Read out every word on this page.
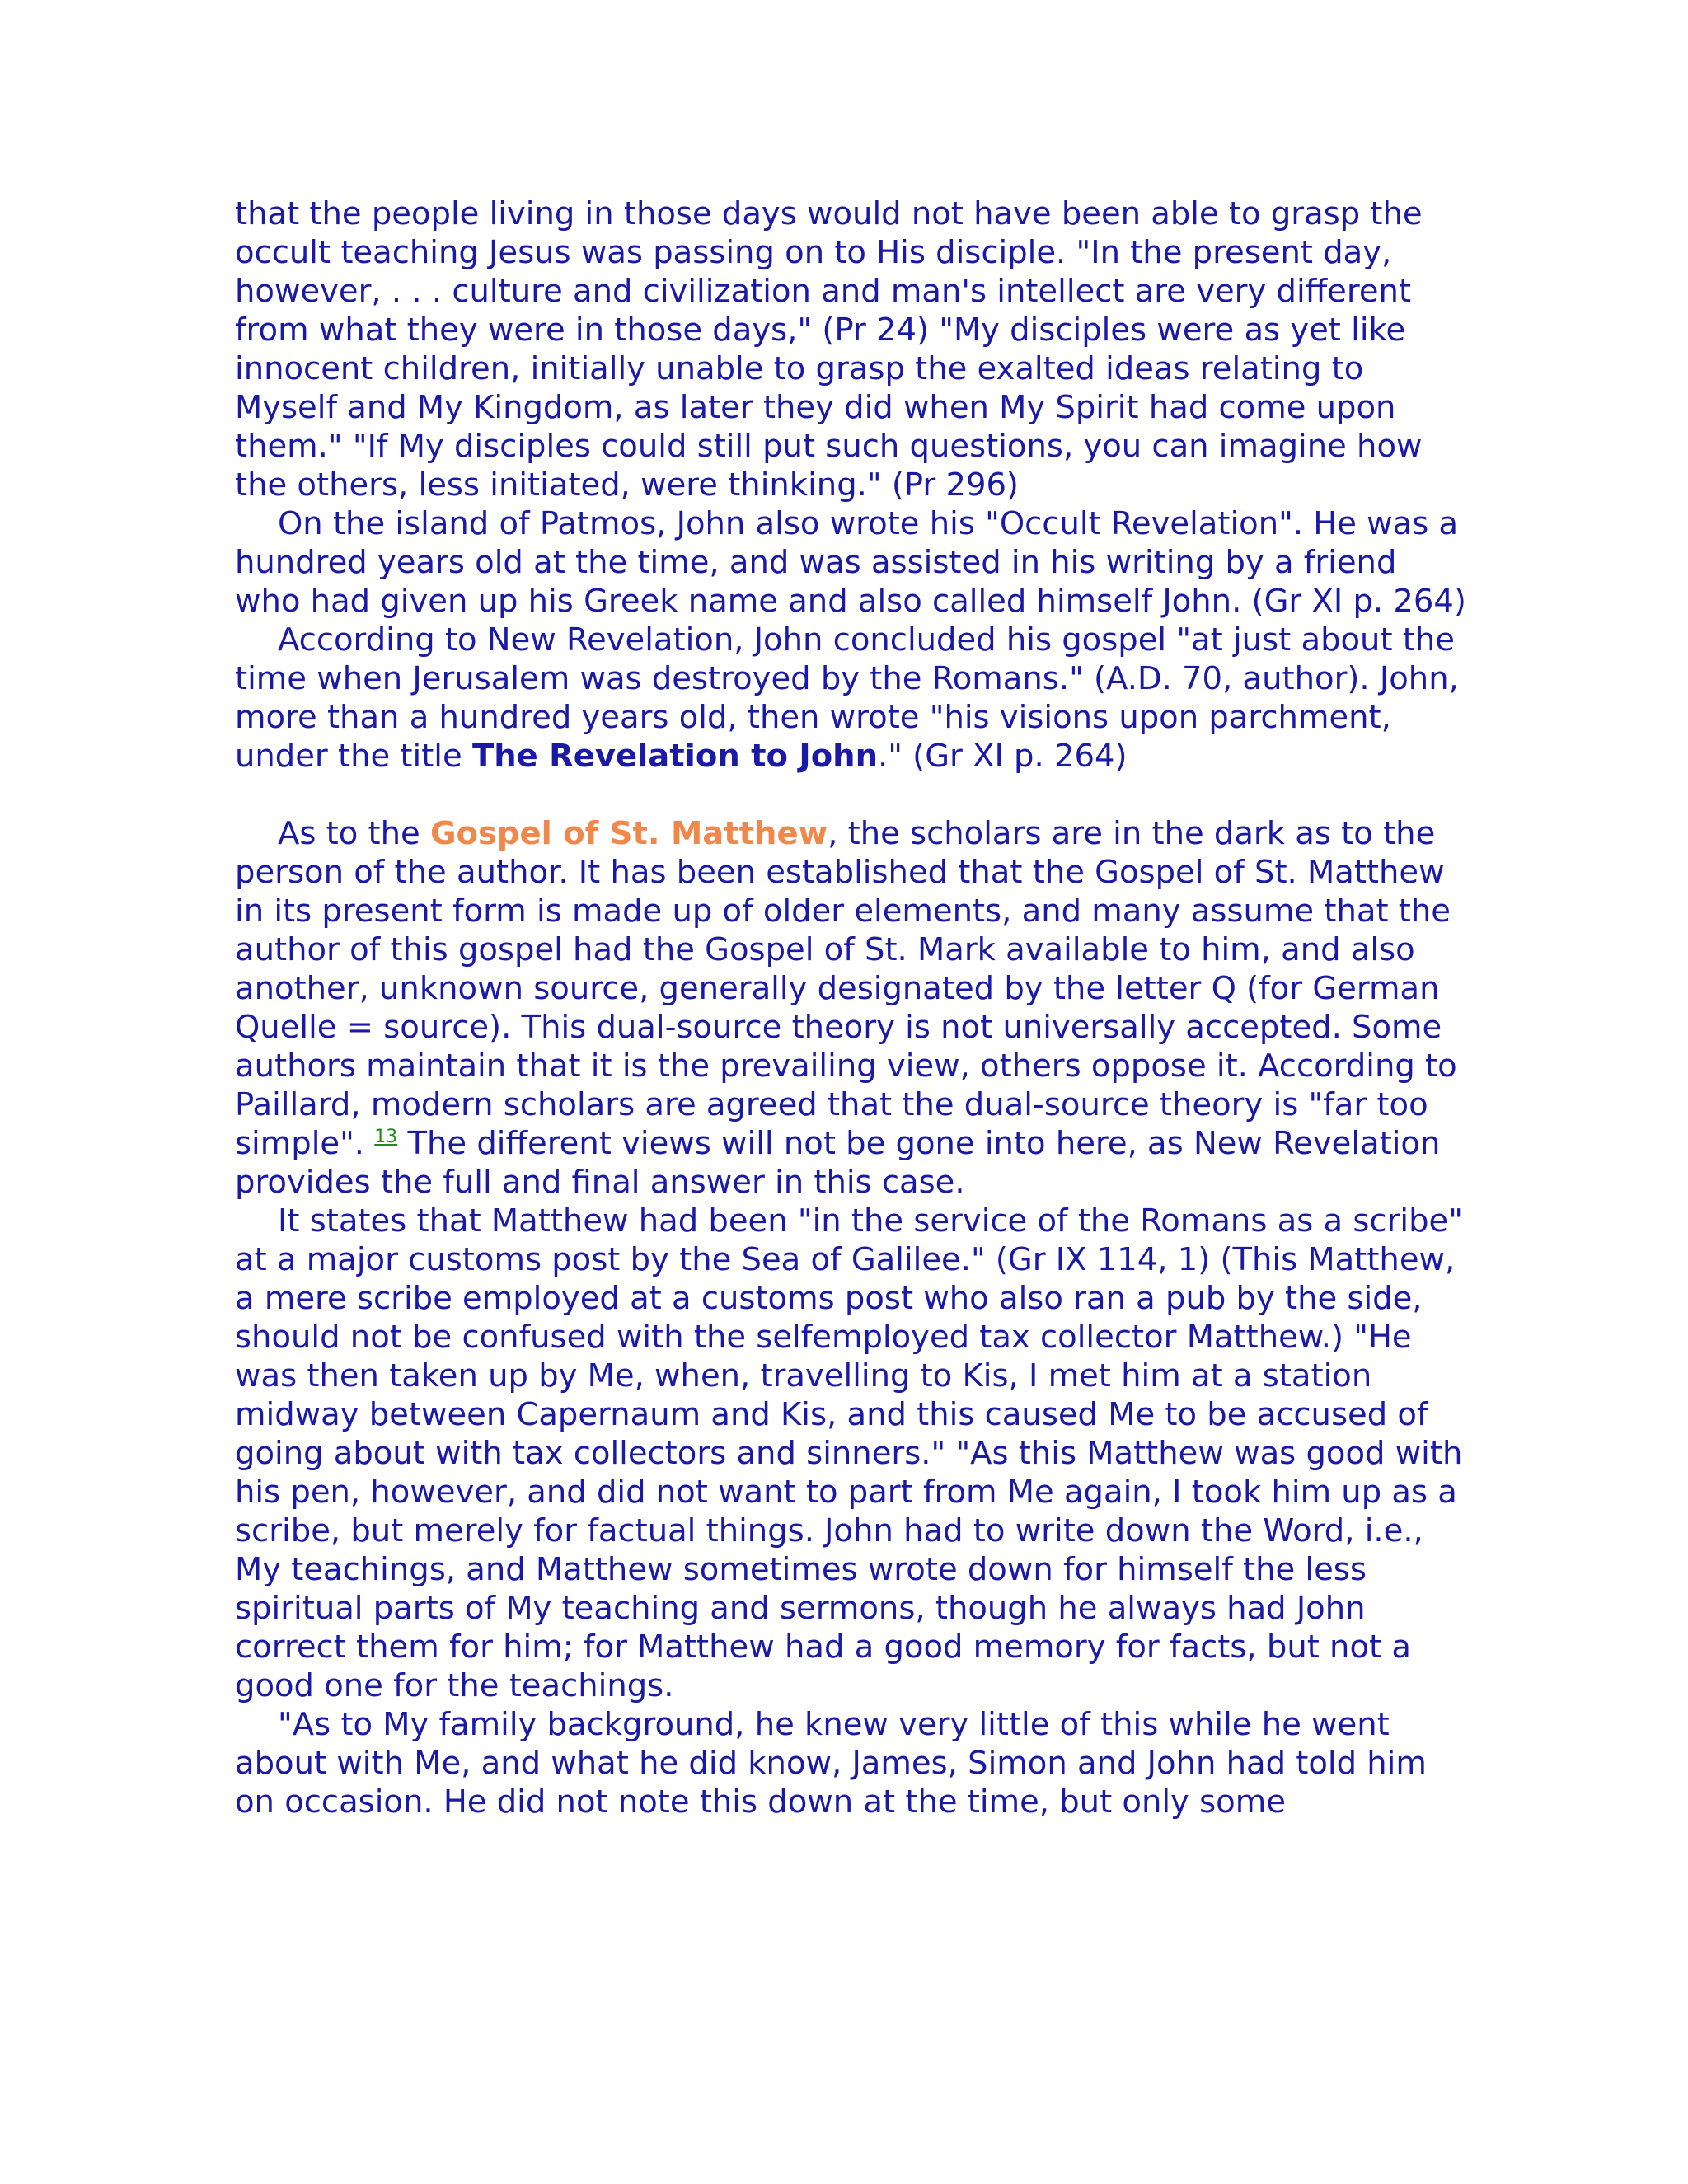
that the people living in those days would not have been able to grasp the occult teaching Jesus was passing on to His disciple. "In the present day, however, . . . culture and civilization and man's intellect are very different from what they were in those days," (Pr 24) "My disciples were as yet like innocent children, initially unable to grasp the exalted ideas relating to Myself and My Kingdom, as later they did when My Spirit had come upon them." "If My disciples could still put such questions, you can imagine how the others, less initiated, were thinking." (Pr 296)

On the island of Patmos, John also wrote his "Occult Revelation". He was a hundred years old at the time, and was assisted in his writing by a friend who had given up his Greek name and also called himself John. (Gr XI p. 264)

According to New Revelation, John concluded his gospel "at just about the time when Jerusalem was destroyed by the Romans." (A.D. 70, author). John, more than a hundred years old, then wrote "his visions upon parchment, under the title The Revelation to John." (Gr XI p. 264)

As to the Gospel of St. Matthew, the scholars are in the dark as to the person of the author. It has been established that the Gospel of St. Matthew in its present form is made up of older elements, and many assume that the author of this gospel had the Gospel of St. Mark available to him, and also another, unknown source, generally designated by the letter Q (for German Quelle = source). This dual-source theory is not universally accepted. Some authors maintain that it is the prevailing view, others oppose it. According to Paillard, modern scholars are agreed that the dual-source theory is "far too simple". $^{13}$ The different views will not be gone into here, as New Revelation provides the full and final answer in this case.

It states that Matthew had been "in the service of the Romans as a scribe" at a major customs post by the Sea of Galilee." (Gr IX 114, 1) (This Matthew, a mere scribe employed at a customs post who also ran a pub by the side, should not be confused with the selfemployed tax collector Matthew.) "He was then taken up by Me, when, travelling to Kis, I met him at a station midway between Capernaum and Kis, and this caused Me to be accused of going about with tax collectors and sinners." "As this Matthew was good with his pen, however, and did not want to part from Me again, I took him up as a scribe, but merely for factual things. John had to write down the Word, i.e., My teachings, and Matthew sometimes wrote down for himself the less spiritual parts of My teaching and sermons, though he always had John correct them for him; for Matthew had a good memory for facts, but not a good one for the teachings.

"As to My family background, he knew very little of this while he went about with Me, and what he did know, James, Simon and John had told him on occasion. He did not note this down at the time, but only some
